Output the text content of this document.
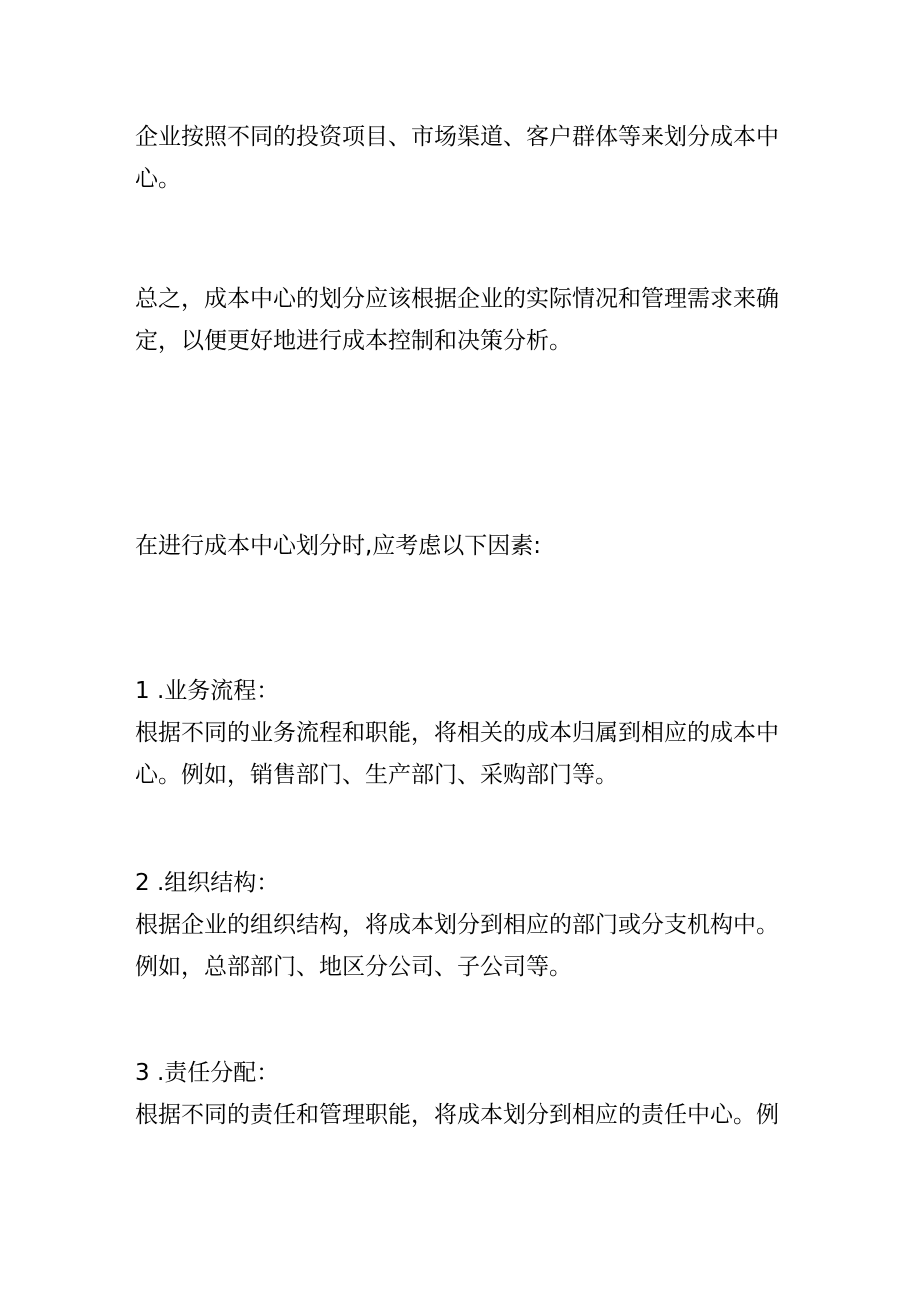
企业按照不同的投资项目、市场渠道、客户群体等来划分成本中
心。

总之，成本中心的划分应该根据企业的实际情况和管理需求来确
定，以便更好地进行成本控制和决策分析。

在进行成本中心划分时,应考虑以下因素:

1 .业务流程：
根据不同的业务流程和职能，将相关的成本归属到相应的成本中
心。例如，销售部门、生产部门、采购部门等。

2 .组织结构：
根据企业的组织结构，将成本划分到相应的部门或分支机构中。
例如，总部部门、地区分公司、子公司等。

3 .责任分配：
根据不同的责任和管理职能，将成本划分到相应的责任中心。例
